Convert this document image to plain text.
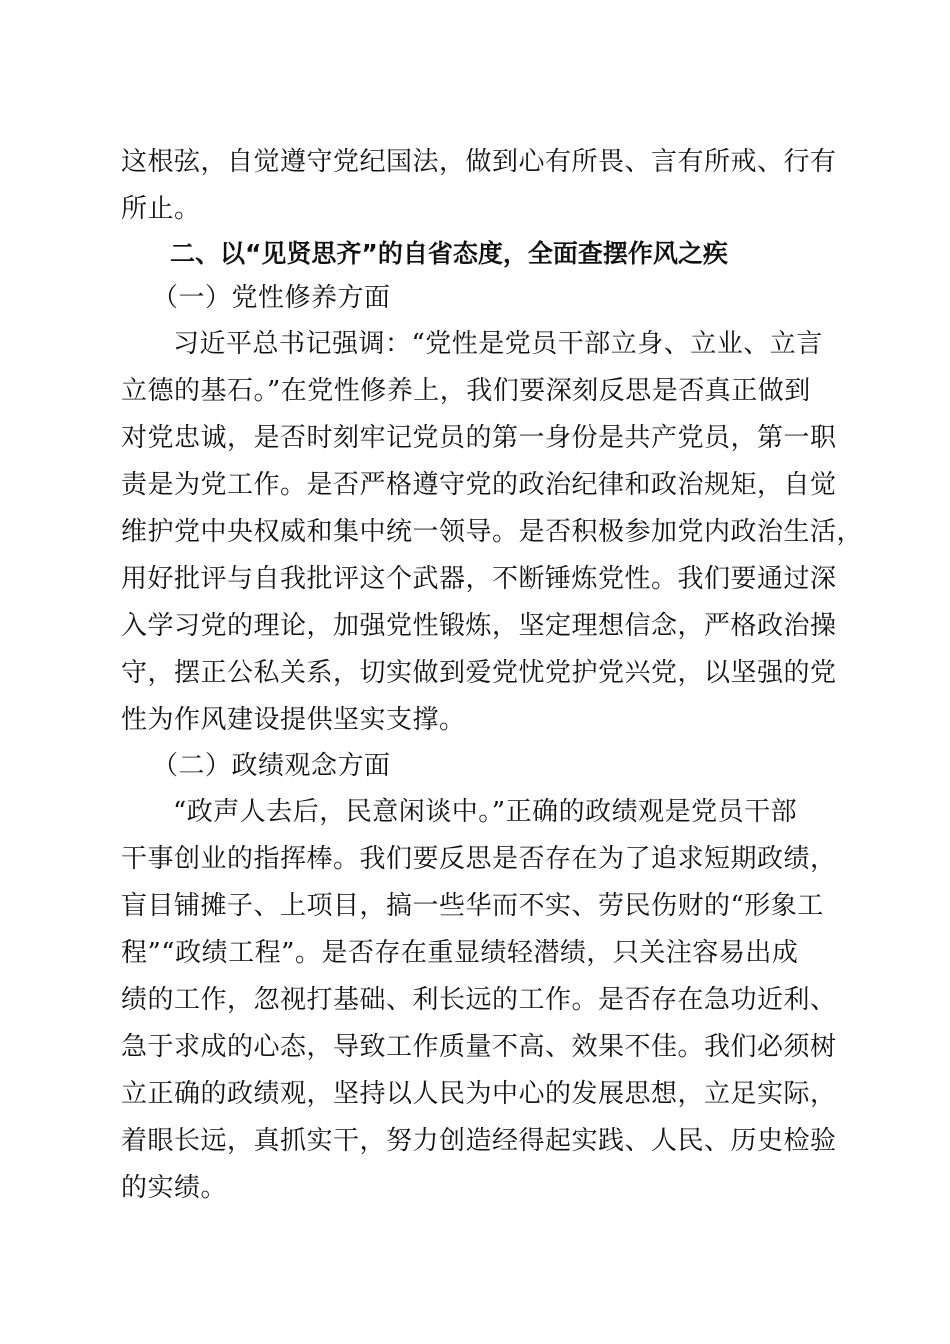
这根弦，自觉遵守党纪国法，做到心有所畏、言有所戒、行有
所止。
二、以“见贤思齐”的自省态度，全面查摆作风之疾
（一）党性修养方面
习近平总书记强调：“党性是党员干部立身、立业、立言
立德的基石。”在党性修养上，我们要深刻反思是否真正做到
对党忠诚，是否时刻牢记党员的第一身份是共产党员，第一职
责是为党工作。是否严格遵守党的政治纪律和政治规矩，自觉
维护党中央权威和集中统一领导。是否积极参加党内政治生活，
用好批评与自我批评这个武器，不断锤炼党性。我们要通过深
入学习党的理论，加强党性锻炼，坚定理想信念，严格政治操
守，摆正公私关系，切实做到爱党忧党护党兴党，以坚强的党
性为作风建设提供坚实支撑。
（二）政绩观念方面
“政声人去后，民意闲谈中。”正确的政绩观是党员干部
干事创业的指挥棒。我们要反思是否存在为了追求短期政绩，
盲目铺摊子、上项目，搞一些华而不实、劳民伤财的“形象工
程”“政绩工程”。是否存在重显绩轻潜绩，只关注容易出成
绩的工作，忽视打基础、利长远的工作。是否存在急功近利、
急于求成的心态，导致工作质量不高、效果不佳。我们必须树
立正确的政绩观，坚持以人民为中心的发展思想，立足实际，
着眼长远，真抓实干，努力创造经得起实践、人民、历史检验
的实绩。
